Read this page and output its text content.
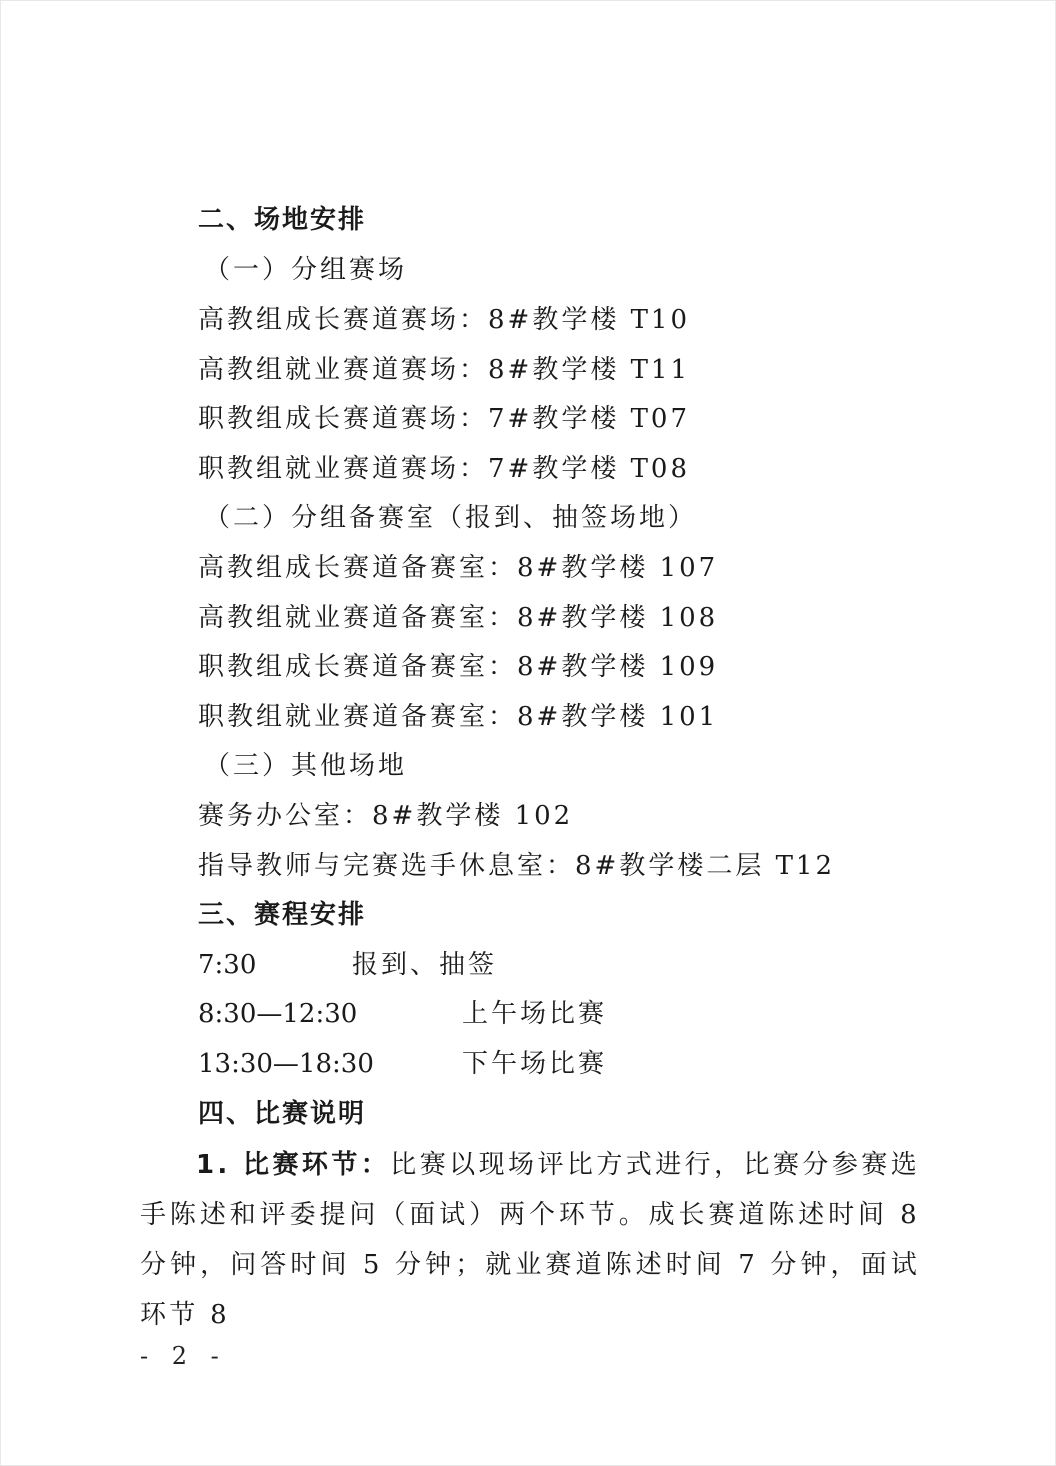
二、场地安排
（一）分组赛场
高教组成长赛道赛场：8#教学楼 T10
高教组就业赛道赛场：8#教学楼 T11
职教组成长赛道赛场：7#教学楼 T07
职教组就业赛道赛场：7#教学楼 T08
（二）分组备赛室（报到、抽签场地）
高教组成长赛道备赛室：8#教学楼 107
高教组就业赛道备赛室：8#教学楼 108
职教组成长赛道备赛室：8#教学楼 109
职教组就业赛道备赛室：8#教学楼 101
（三）其他场地
赛务办公室：8#教学楼 102
指导教师与完赛选手休息室：8#教学楼二层 T12
三、赛程安排
7:30	报到、抽签
8:30—12:30	上午场比赛
13:30—18:30	下午场比赛
四、比赛说明
1. 比赛环节：比赛以现场评比方式进行，比赛分参赛选手陈述和评委提问（面试）两个环节。成长赛道陈述时间 8 分钟，问答时间 5 分钟；就业赛道陈述时间 7 分钟，面试环节 8
- 2 -
